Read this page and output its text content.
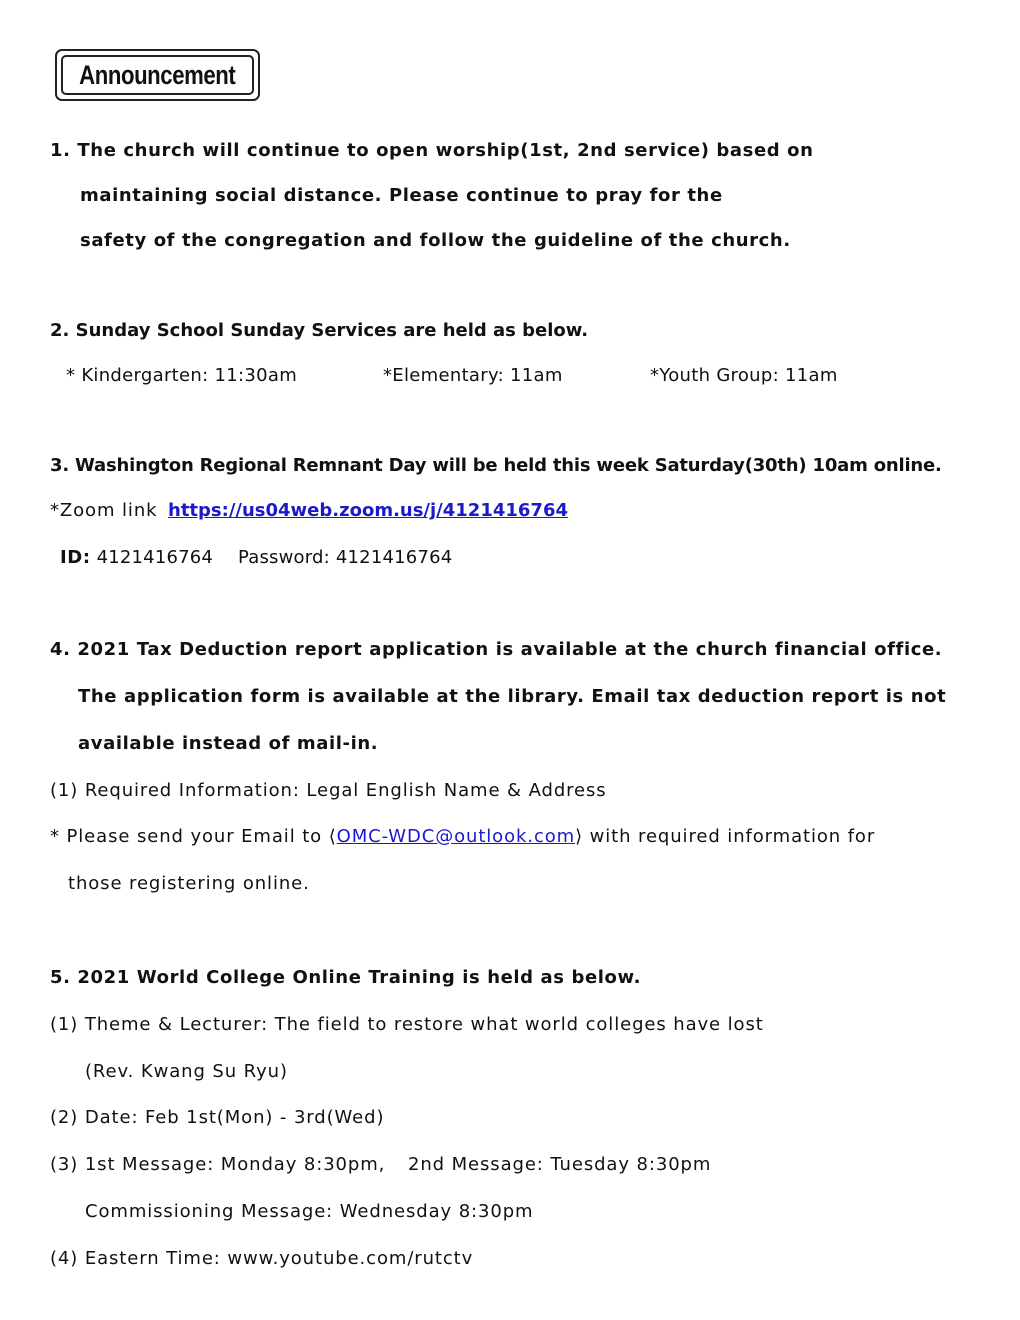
Announcement
1. The church will continue to open worship(1st, 2nd service) based on
maintaining social distance. Please continue to pray for the
safety of the congregation and follow the guideline of the church.
2. Sunday School Sunday Services are held as below.
* Kindergarten: 11:30am	*Elementary: 11am	*Youth Group: 11am
3. Washington Regional Remnant Day will be held this week Saturday(30th) 10am online.
*Zoom link https://us04web.zoom.us/j/4121416764
ID: 4121416764 Password: 4121416764
4. 2021 Tax Deduction report application is available at the church financial office.
The application form is available at the library. Email tax deduction report is not
available instead of mail-in.
(1) Required Information: Legal English Name & Address
* Please send your Email to ⟨OMC-WDC@outlook.com⟩ with required information for
those registering online.
5. 2021 World College Online Training is held as below.
(1) Theme & Lecturer: The field to restore what world colleges have lost
(Rev. Kwang Su Ryu)
(2) Date: Feb 1st(Mon) - 3rd(Wed)
(3) 1st Message: Monday 8:30pm, 2nd Message: Tuesday 8:30pm
Commissioning Message: Wednesday 8:30pm
(4) Eastern Time: www.youtube.com/rutctv
